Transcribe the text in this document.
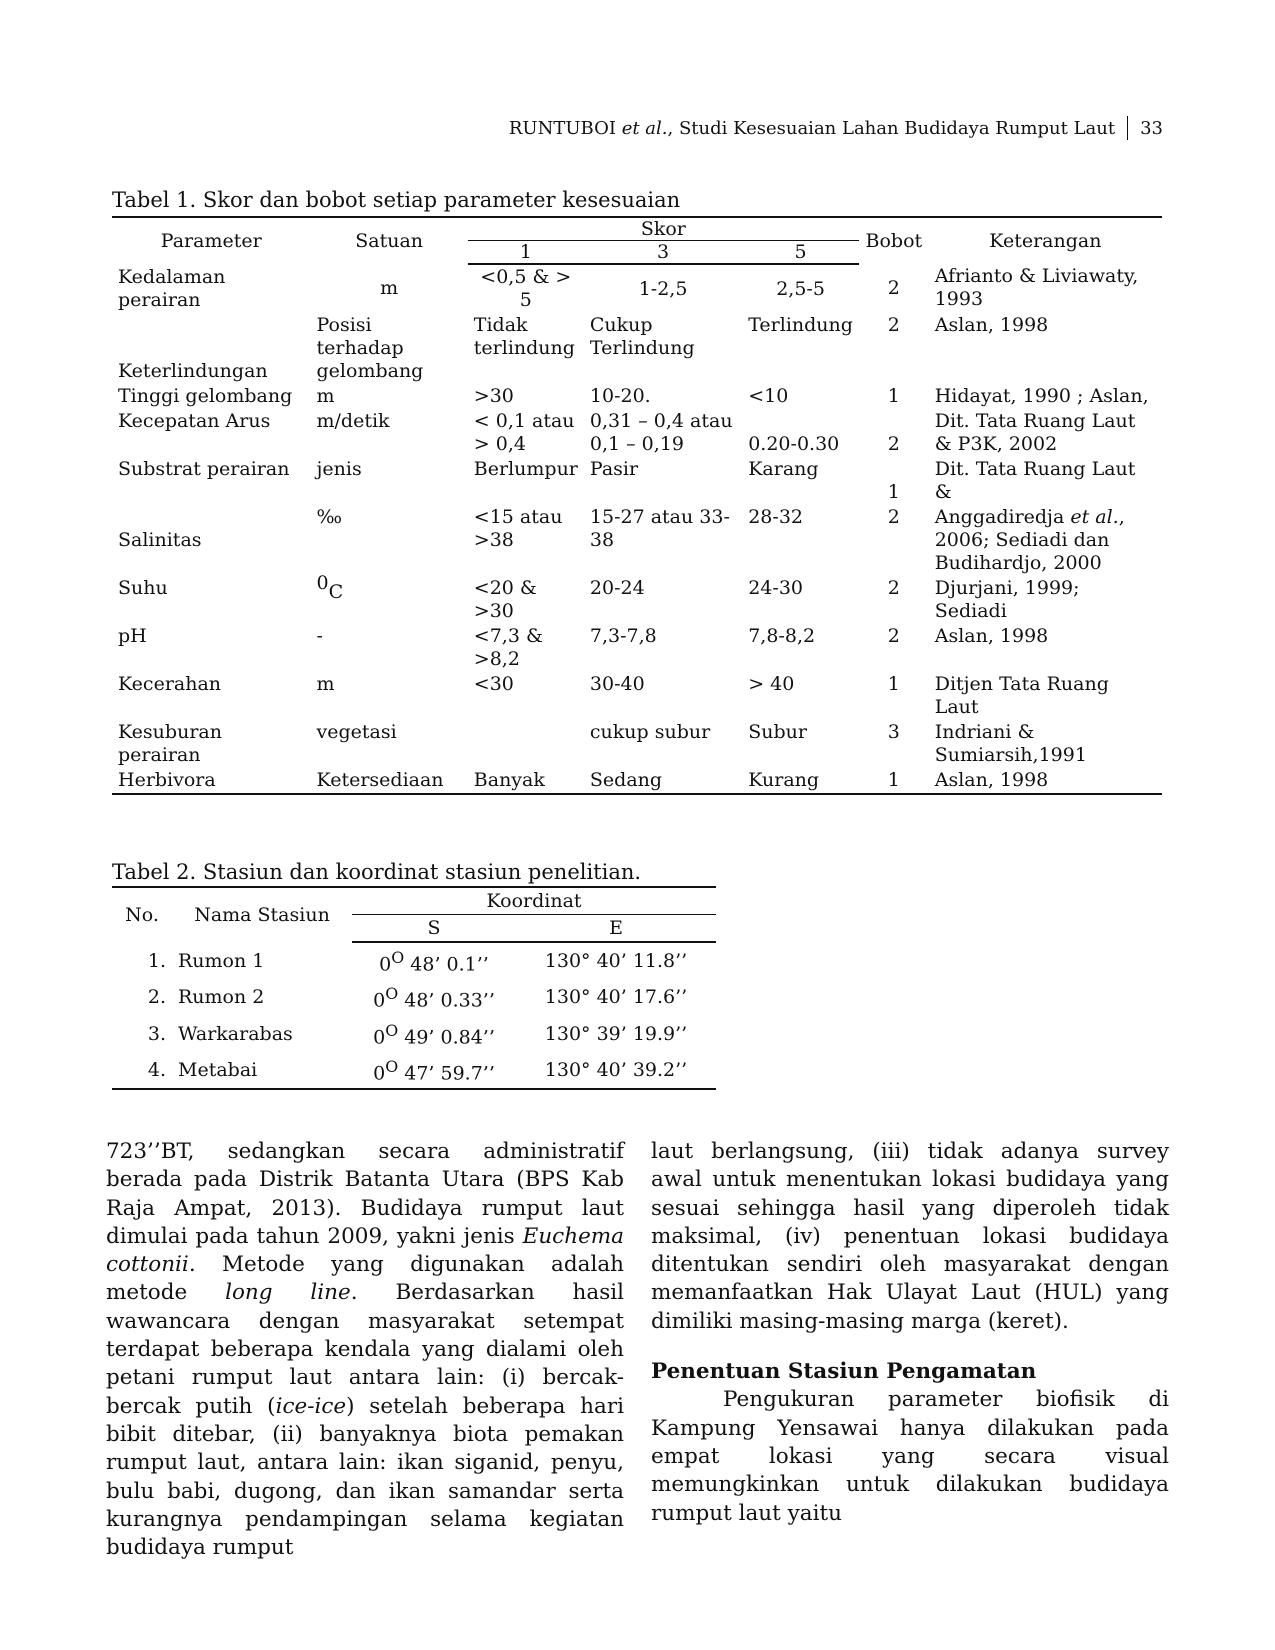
RUNTUBOI
et al. , Studi Kesesuaian Lahan Budidaya Rumput Laut 33
Tabel 1. Skor dan bobot setiap parameter kesesuaian
Parameter	Satuan	Skor			Bobot	Keterangan
		1	3	5		
Kedalaman perairan	m	<0,5 & > 5	1-2,5	2,5-5	2	Afrianto & Liviawaty, 1993
Keterlindungan	Posisi terhadap gelombang	Tidak terlindung	Cukup Terlindung	Terlindung	2	Aslan, 1998
Tinggi gelombang	m	>30	10-20.	<10	1	Hidayat, 1990 ; Aslan,
Kecepatan Arus	m/detik	< 0,1 atau > 0,4	0,31 – 0,4 atau 0,1 – 0,19	0.20-0.30	2	Dit. Tata Ruang Laut & P3K, 2002
Substrat perairan	jenis	Berlumpur	Pasir	Karang	1	Dit. Tata Ruang Laut &
Salinitas	‰	<15 atau >38	15-27 atau 33-38	28-32	2	Anggadiredja et al., 2006; Sediadi dan Budihardjo, 2000
Suhu	0C	<20 & >30	20-24	24-30	2	Djurjani, 1999; Sediadi
pH	-	<7,3 & >8,2	7,3-7,8	7,8-8,2	2	Aslan, 1998
Kecerahan	m	<30	30-40	> 40	1	Ditjen Tata Ruang Laut
Kesuburan perairan	vegetasi		cukup subur	Subur	3	Indriani & Sumiarsih,1991
Herbivora	Ketersediaan	Banyak	Sedang	Kurang	1	Aslan, 1998
Tabel 2. Stasiun dan koordinat stasiun penelitian.
No.	Nama Stasiun	Koordinat	
		S	E
1.	Rumon 1	$0^O$ 48’ 0.1’’	130° 40’ 11.8’’
2.	Rumon 2	$0^O$ 48’ 0.33’’	130° 40’ 17.6’’
3.	Warkarabas	$0^O$ 49’ 0.84’’	130° 39’ 19.9’’
4.	Metabai	$0^O$ 47’ 59.7’’	130° 40’ 39.2’’

723’’BT, sedangkan secara administratif berada pada Distrik Batanta Utara (BPS Kab Raja Ampat, 2013). Budidaya rumput laut dimulai pada tahun 2009, yakni jenis Euchema cottonii. Metode yang digunakan adalah metode long line. Berdasarkan hasil wawancara dengan masyarakat setempat terdapat beberapa kendala yang dialami oleh petani rumput laut antara lain: (i) bercak-bercak putih (ice-ice) setelah beberapa hari bibit ditebar, (ii) banyaknya biota pemakan rumput laut, antara lain: ikan siganid, penyu, bulu babi, dugong, dan ikan samandar serta kurangnya pendampingan selama kegiatan budidaya rumput

laut berlangsung, (iii) tidak adanya survey awal untuk menentukan lokasi budidaya yang sesuai sehingga hasil yang diperoleh tidak maksimal, (iv) penentuan lokasi budidaya ditentukan sendiri oleh masyarakat dengan memanfaatkan Hak Ulayat Laut (HUL) yang dimiliki masing-masing marga (keret).

Penentuan Stasiun Pengamatan

Pengukuran parameter biofisik di Kampung Yensawai hanya dilakukan pada empat lokasi yang secara visual memungkinkan untuk dilakukan budidaya rumput laut yaitu
